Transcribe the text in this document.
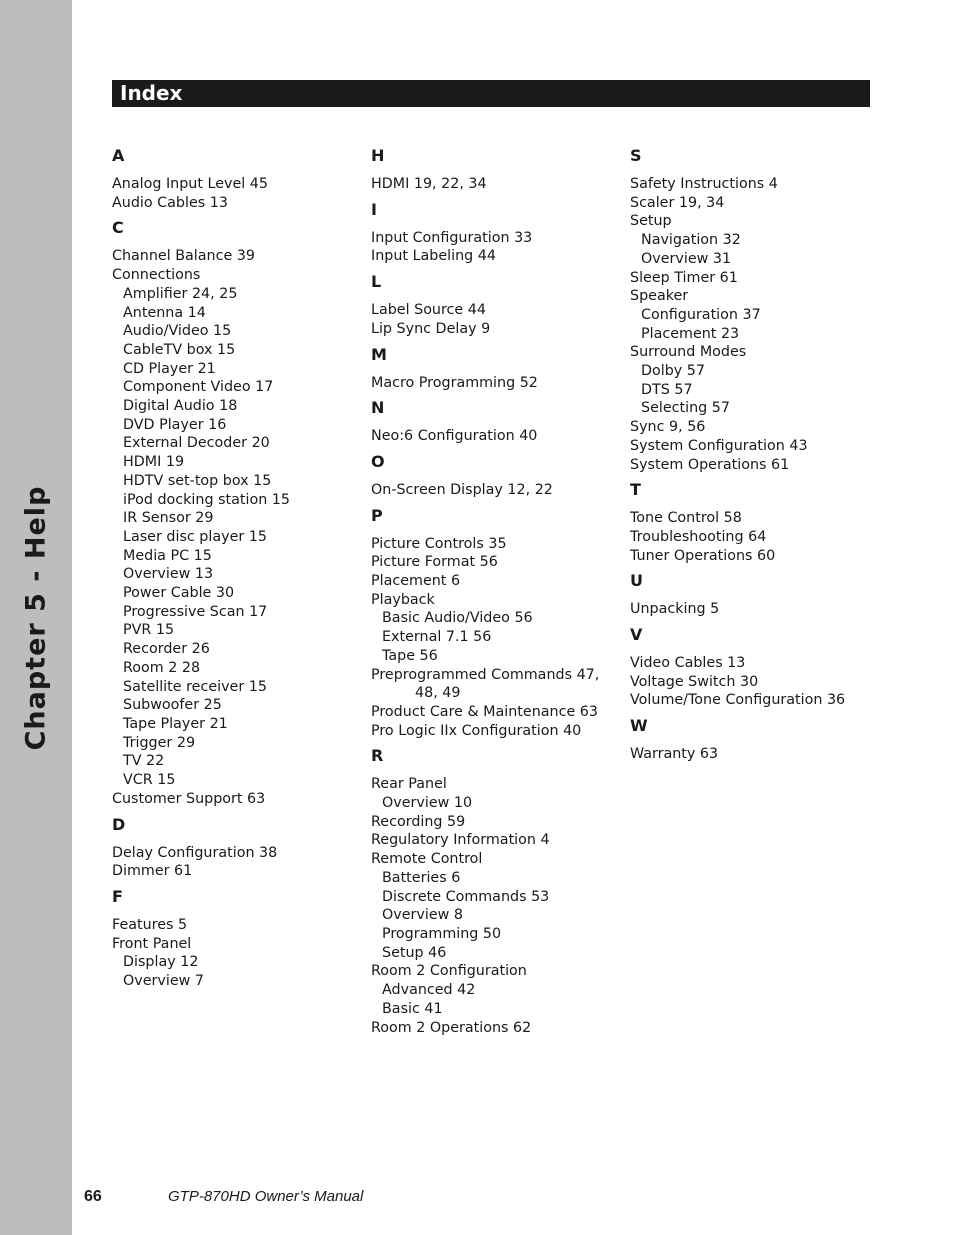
Chapter 5 - Help
Index
A
Analog Input Level 45
Audio Cables 13
C
Channel Balance 39
Connections
Amplifier 24, 25
Antenna 14
Audio/Video 15
CableTV box 15
CD Player 21
Component Video 17
Digital Audio 18
DVD Player 16
External Decoder 20
HDMI 19
HDTV set-top box 15
iPod docking station 15
IR Sensor 29
Laser disc player 15
Media PC 15
Overview 13
Power Cable 30
Progressive Scan 17
PVR 15
Recorder 26
Room 2 28
Satellite receiver 15
Subwoofer 25
Tape Player 21
Trigger 29
TV 22
VCR 15
Customer Support 63
D
Delay Configuration 38
Dimmer 61
F
Features 5
Front Panel
Display 12
Overview 7
H
HDMI 19, 22, 34
I
Input Configuration 33
Input Labeling 44
L
Label Source 44
Lip Sync Delay 9
M
Macro Programming 52
N
Neo:6 Configuration 40
O
On-Screen Display 12, 22
P
Picture Controls 35
Picture Format 56
Placement 6
Playback
Basic Audio/Video 56
External 7.1 56
Tape 56
Preprogrammed Commands 47,
48, 49
Product Care & Maintenance 63
Pro Logic IIx Configuration 40
R
Rear Panel
Overview 10
Recording 59
Regulatory Information 4
Remote Control
Batteries 6
Discrete Commands 53
Overview 8
Programming 50
Setup 46
Room 2 Configuration
Advanced 42
Basic 41
Room 2 Operations 62
S
Safety Instructions 4
Scaler 19, 34
Setup
Navigation 32
Overview 31
Sleep Timer 61
Speaker
Configuration 37
Placement 23
Surround Modes
Dolby 57
DTS 57
Selecting 57
Sync 9, 56
System Configuration 43
System Operations 61
T
Tone Control 58
Troubleshooting 64
Tuner Operations 60
U
Unpacking 5
V
Video Cables 13
Voltage Switch 30
Volume/Tone Configuration 36
W
Warranty 63
66	GTP-870HD Owner’s Manual
